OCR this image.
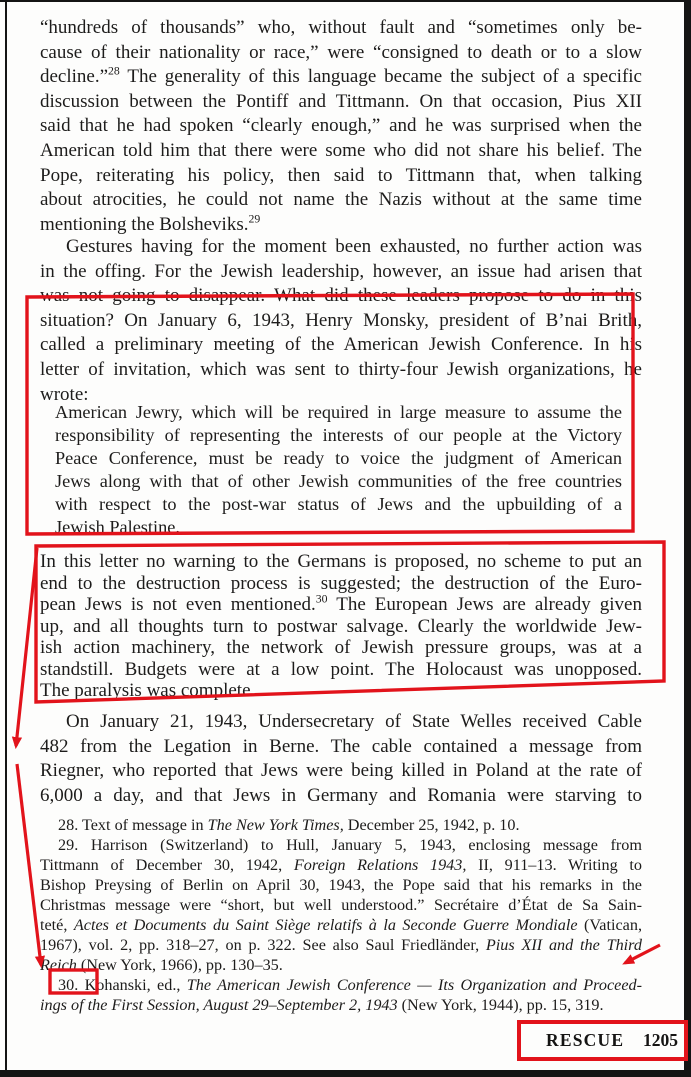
“hundreds of thousands” who, without fault and “sometimes only be-
cause of their nationality or race,” were “consigned to death or to a slow
decline.”$^{28}$ The generality of this language became the subject of a specific
discussion between the Pontiff and Tittmann. On that occasion, Pius XII
said that he had spoken “clearly enough,” and he was surprised when the
American told him that there were some who did not share his belief. The
Pope, reiterating his policy, then said to Tittmann that, when talking
about atrocities, he could not name the Nazis without at the same time
mentioning the Bolsheviks.$^{29}$
Gestures having for the moment been exhausted, no further action was
in the offing. For the Jewish leadership, however, an issue had arisen that
was not going to disappear. What did these leaders propose to do in this
situation? On January 6, 1943, Henry Monsky, president of B’nai Brith,
called a preliminary meeting of the American Jewish Conference. In his
letter of invitation, which was sent to thirty-four Jewish organizations, he
wrote:
American Jewry, which will be required in large measure to assume the
responsibility of representing the interests of our people at the Victory
Peace Conference, must be ready to voice the judgment of American
Jews along with that of other Jewish communities of the free countries
with respect to the post-war status of Jews and the upbuilding of a
Jewish Palestine.
In this letter no warning to the Germans is proposed, no scheme to put an
end to the destruction process is suggested; the destruction of the Euro-
pean Jews is not even mentioned.$^{30}$ The European Jews are already given
up, and all thoughts turn to postwar salvage. Clearly the worldwide Jew-
ish action machinery, the network of Jewish pressure groups, was at a
standstill. Budgets were at a low point. The Holocaust was unopposed.
The paralysis was complete.
On January 21, 1943, Undersecretary of State Welles received Cable
482 from the Legation in Berne. The cable contained a message from
Riegner, who reported that Jews were being killed in Poland at the rate of
6,000 a day, and that Jews in Germany and Romania were starving to
28. Text of message in The New York Times, December 25, 1942, p. 10.
29. Harrison (Switzerland) to Hull, January 5, 1943, enclosing message from
Tittmann of December 30, 1942, Foreign Relations 1943, II, 911–13. Writing to
Bishop Preysing of Berlin on April 30, 1943, the Pope said that his remarks in the
Christmas message were “short, but well understood.” Secrétaire d’État de Sa Sain-
teté, Actes et Documents du Saint Siège relatifs à la Seconde Guerre Mondiale (Vatican,
1967), vol. 2, pp. 318–27, on p. 322. See also Saul Friedländer, Pius XII and the Third
Reich (New York, 1966), pp. 130–35.
30. Kohanski, ed., The American Jewish Conference — Its Organization and Proceed-
ings of the First Session, August 29–September 2, 1943 (New York, 1944), pp. 15, 319.
RESCUE 1205
